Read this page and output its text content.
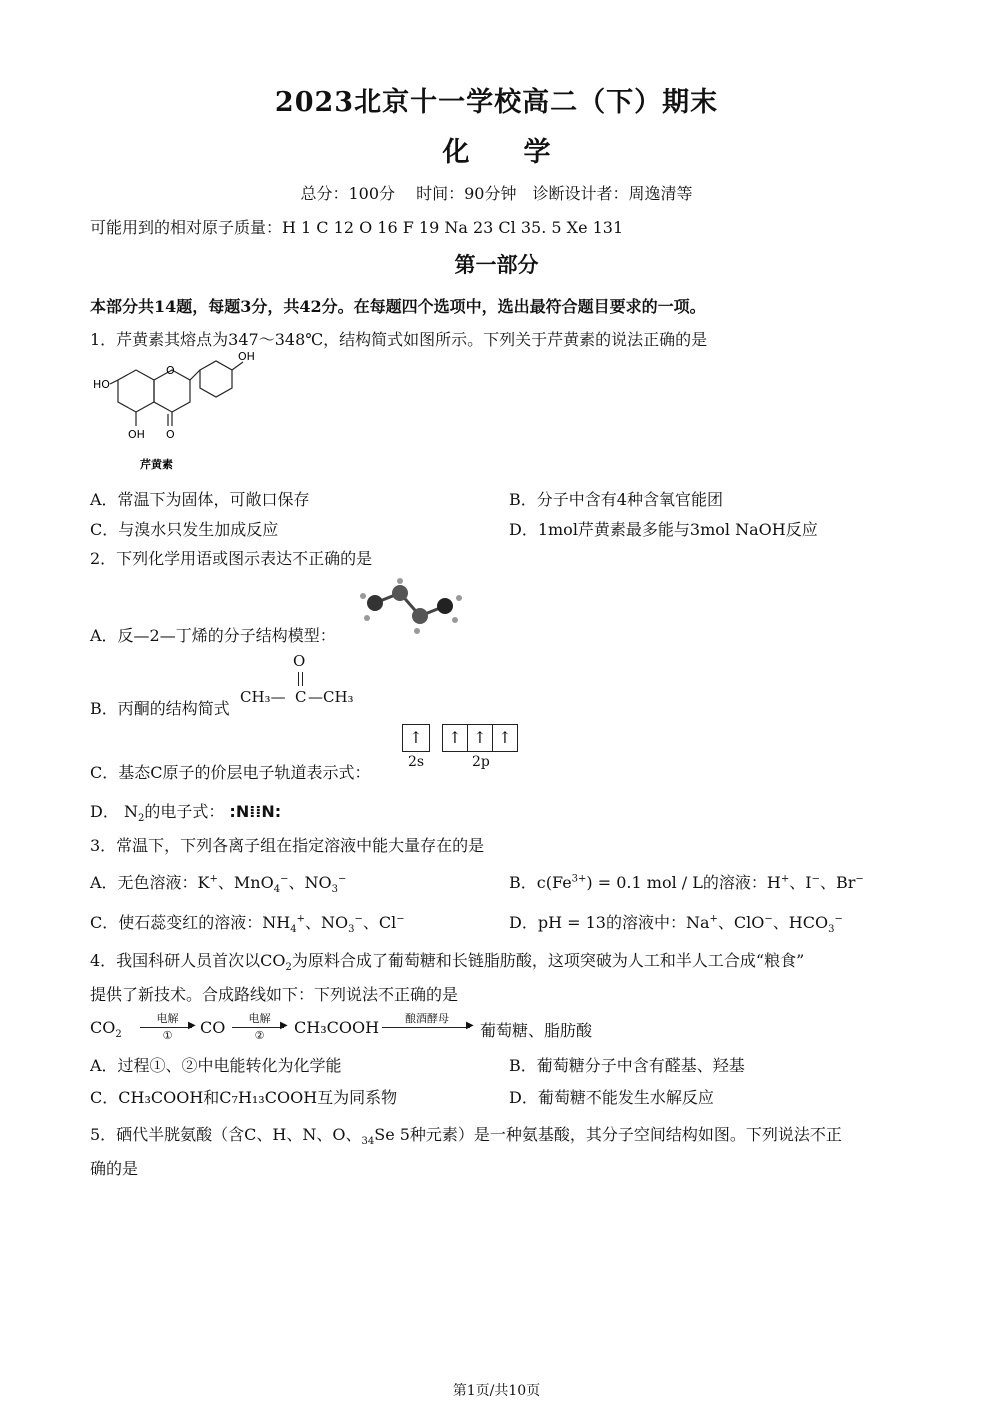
2023北京十一学校高二（下）期末
化　　学
总分：100分　 时间：90分钟　诊断设计者：周逸清等
可能用到的相对原子质量：H 1 C 12 O 16 F 19 Na 23 Cl 35. 5 Xe 131
第一部分
本部分共14题，每题3分，共42分。在每题四个选项中，选出最符合题目要求的一项。
1．芹黄素其熔点为347～348℃，结构简式如图所示。下列关于芹黄素的说法正确的是
HO
OH
O
OH O
芹黄素
A．常温下为固体，可敞口保存	B．分子中含有4种含氧官能团
C．与溴水只发生加成反应	D．1mol芹黄素最多能与3mol NaOH反应
2．下列化学用语或图示表达不正确的是
A．反—2—丁烯的分子结构模型：
B．丙酮的结构简式
O
CH₃— C —CH₃
C．基态C原子的价层电子轨道表示式：
↑	↑ ↑ ↑
2s	2p
D． $N_2$的电子式： :N⁞⁞N:
3．常温下，下列各离子组在指定溶液中能大量存在的是
A．无色溶液：K+、MnO$_4$−、$NO_3^-$	B．$c(Fe^{3+}) = 0.1$ mol / L的溶液：H+、I−、Br−
C．使石蕊变红的溶液：$NH_4^+$、$NO_3^-$、Cl−	D．pH = 13的溶液中：Na+、ClO−、$HCO_3^-$
4．我国科研人员首次以$CO_2$为原料合成了葡萄糖和长链脂肪酸，这项突破为人工和半人工合成“粮食”
提供了新技术。合成路线如下：下列说法不正确的是
$CO_2$
电解
▶
①	CO	电解
▶
②	CH₃COOH	酿酒酵母
▶ 葡萄糖、脂肪酸
A．过程①、②中电能转化为化学能	B．葡萄糖分子中含有醛基、羟基
C．CH₃COOH和C₇H₁₃COOH互为同系物	D．葡萄糖不能发生水解反应
5．硒代半胱氨酸（含C、H、N、O、$_{34}$Se 5种元素）是一种氨基酸，其分子空间结构如图。下列说法不正
确的是
第1页/共10页
